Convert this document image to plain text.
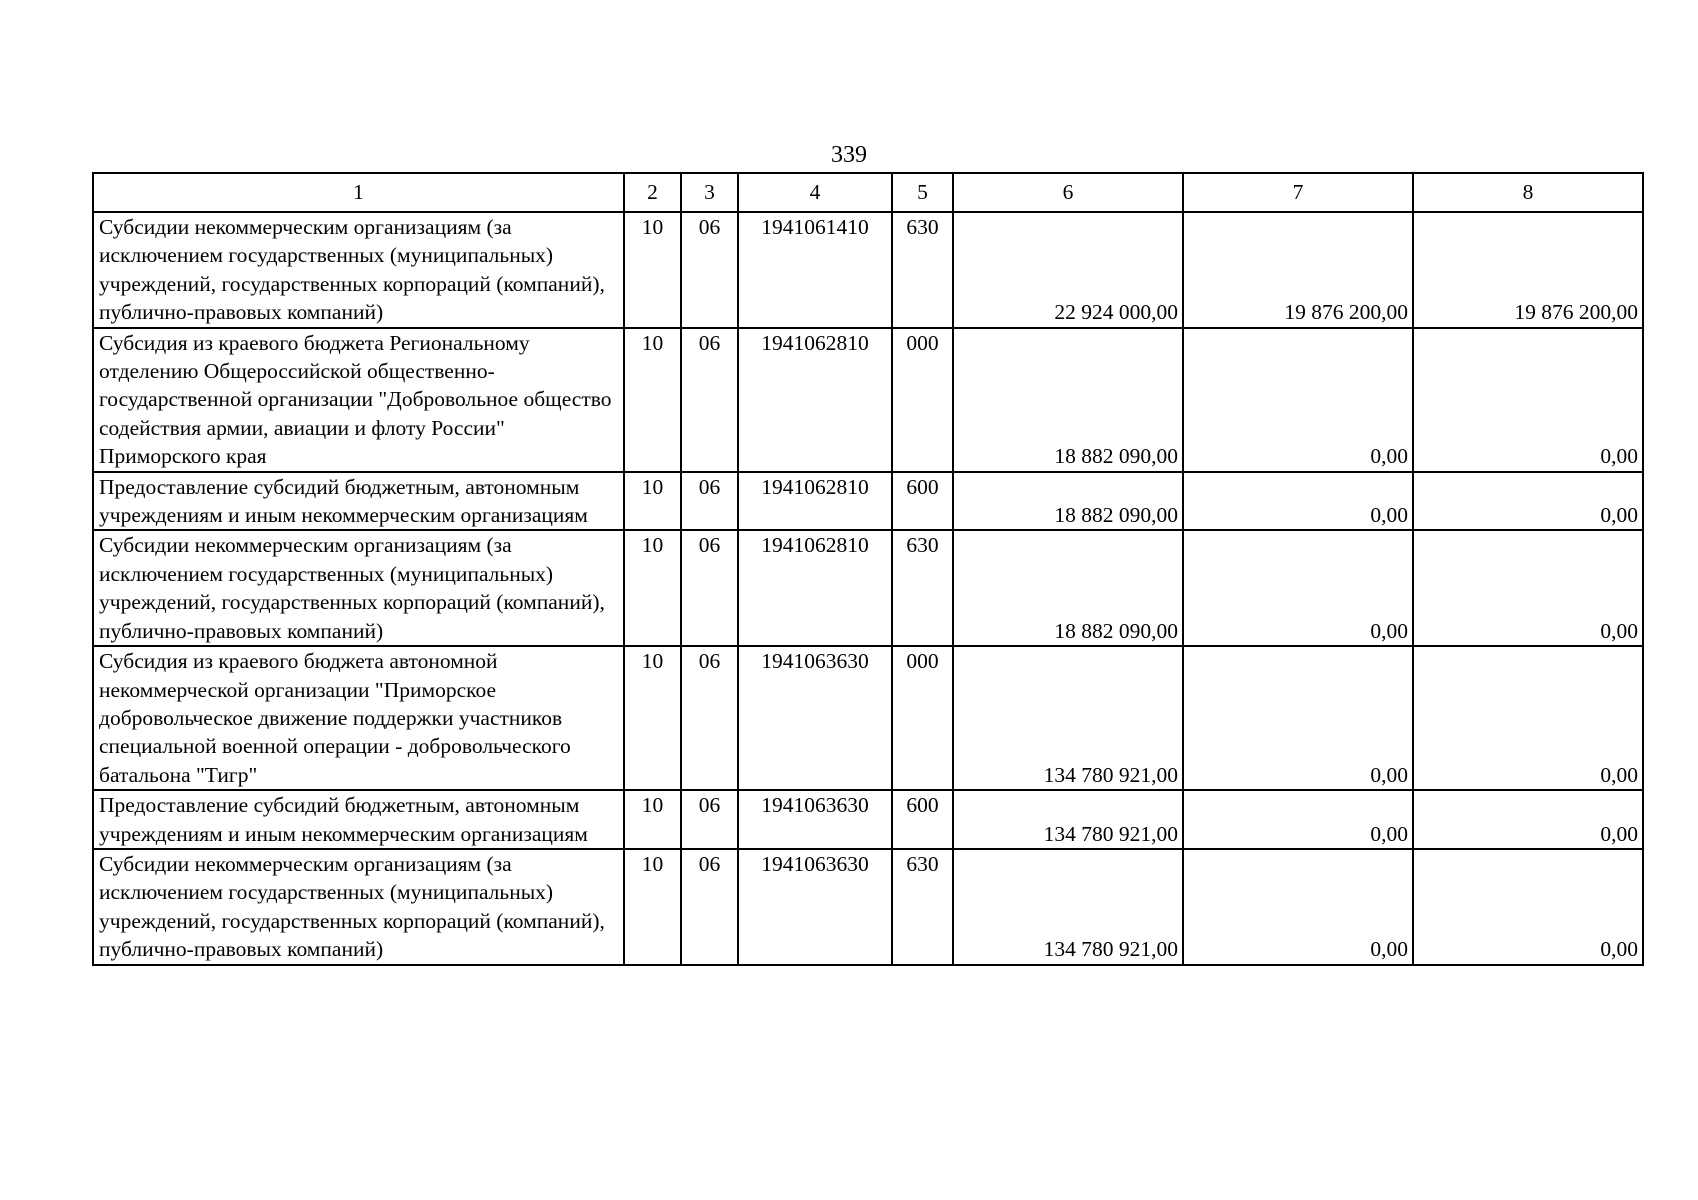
339
1	2	3	4	5	6	7	8
Субсидии некоммерческим организациям (за исключением государственных (муниципальных) учреждений, государственных корпораций (компаний), публично-правовых компаний)	10	06	1941061410	630	22 924 000,00	19 876 200,00	19 876 200,00
Субсидия из краевого бюджета Региональному отделению Общероссийской общественно-государственной организации "Добровольное общество содействия армии, авиации и флоту России" Приморского края	10	06	1941062810	000	18 882 090,00	0,00	0,00
Предоставление субсидий бюджетным, автономным учреждениям и иным некоммерческим организациям	10	06	1941062810	600	18 882 090,00	0,00	0,00
Субсидии некоммерческим организациям (за исключением государственных (муниципальных) учреждений, государственных корпораций (компаний), публично-правовых компаний)	10	06	1941062810	630	18 882 090,00	0,00	0,00
Субсидия из краевого бюджета автономной некоммерческой организации "Приморское добровольческое движение поддержки участников специальной военной операции - добровольческого батальона "Тигр"	10	06	1941063630	000	134 780 921,00	0,00	0,00
Предоставление субсидий бюджетным, автономным учреждениям и иным некоммерческим организациям	10	06	1941063630	600	134 780 921,00	0,00	0,00
Субсидии некоммерческим организациям (за исключением государственных (муниципальных) учреждений, государственных корпораций (компаний), публично-правовых компаний)	10	06	1941063630	630	134 780 921,00	0,00	0,00
